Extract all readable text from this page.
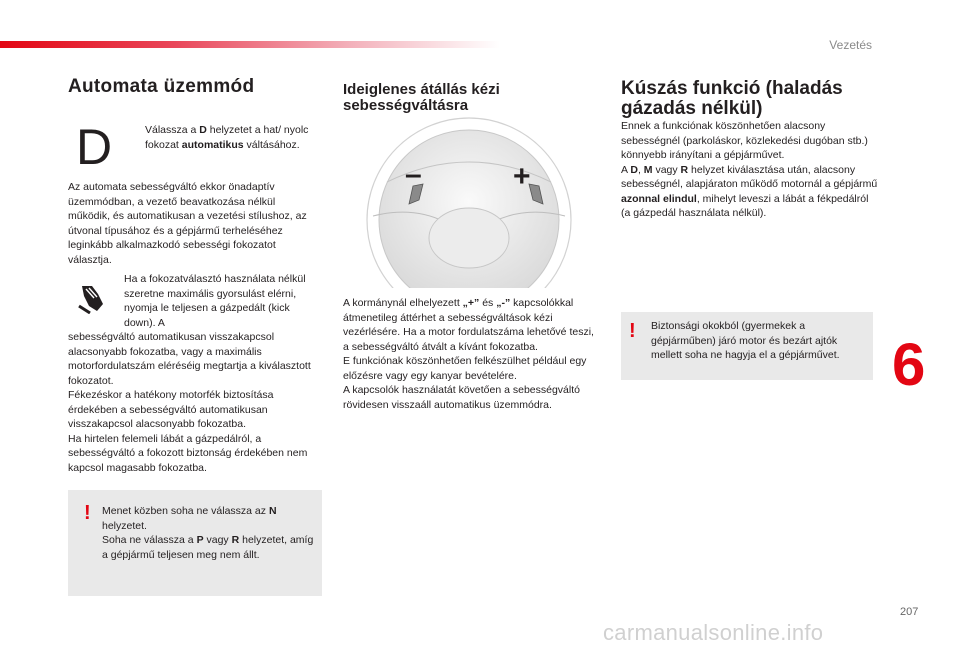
Vezetés
6
207
carmanualsonline.info
Automata üzemmód
D	Válassza a D helyzetet a hat/ nyolc fokozat automatikus váltásához.

Az automata sebességváltó ekkor önadaptív üzemmódban, a vezető beavatkozása nélkül működik, és automatikusan a vezetési stílushoz, az útvonal típusához és a gépjármű terheléséhez leginkább alkalmazkodó sebességi fokozatot választja.

Ha a fokozatválasztó használata nélkül szeretne maximális gyorsulást elérni, nyomja le teljesen a gázpedált (kick down). A

sebességváltó automatikusan visszakapcsol alacsonyabb fokozatba, vagy a maximális motorfordulatszám eléréséig megtartja a kiválasztott fokozatot.
Fékezéskor a hatékony motorfék biztosítása érdekében a sebességváltó automatikusan visszakapcsol alacsonyabb fokozatba.
Ha hirtelen felemeli lábát a gázpedálról, a sebességváltó a fokozott biztonság érdekében nem kapcsol magasabb fokozatba.
! Menet közben soha ne válassza az N helyzetet.
Soha ne válassza a P vagy R helyzetet, amíg a gépjármű teljesen meg nem állt.
Ideiglenes átállás kézi sebességváltásra
–	+
A kormánynál elhelyezett „+” és „-” kapcsolókkal átmenetileg áttérhet a sebességváltások kézi vezérlésére. Ha a motor fordulatszáma lehetővé teszi, a sebességváltó átvált a kívánt fokozatba.
E funkciónak köszönhetően felkészülhet például egy előzésre vagy egy kanyar bevételére.
A kapcsolók használatát követően a sebességváltó rövidesen visszaáll automatikus üzemmódra.
Kúszás funkció (haladás gázadás nélkül)
Ennek a funkciónak köszönhetően alacsony sebességnél (parkoláskor, közlekedési dugóban stb.) könnyebb irányítani a gépjárművet.
A D, M vagy R helyzet kiválasztása után, alacsony sebességnél, alapjáraton működő motornál a gépjármű azonnal elindul, mihelyt leveszi a lábát a fékpedálról (a gázpedál használata nélkül).
! Biztonsági okokból (gyermekek a gépjárműben) járó motor és bezárt ajtók mellett soha ne hagyja el a gépjárművet.
